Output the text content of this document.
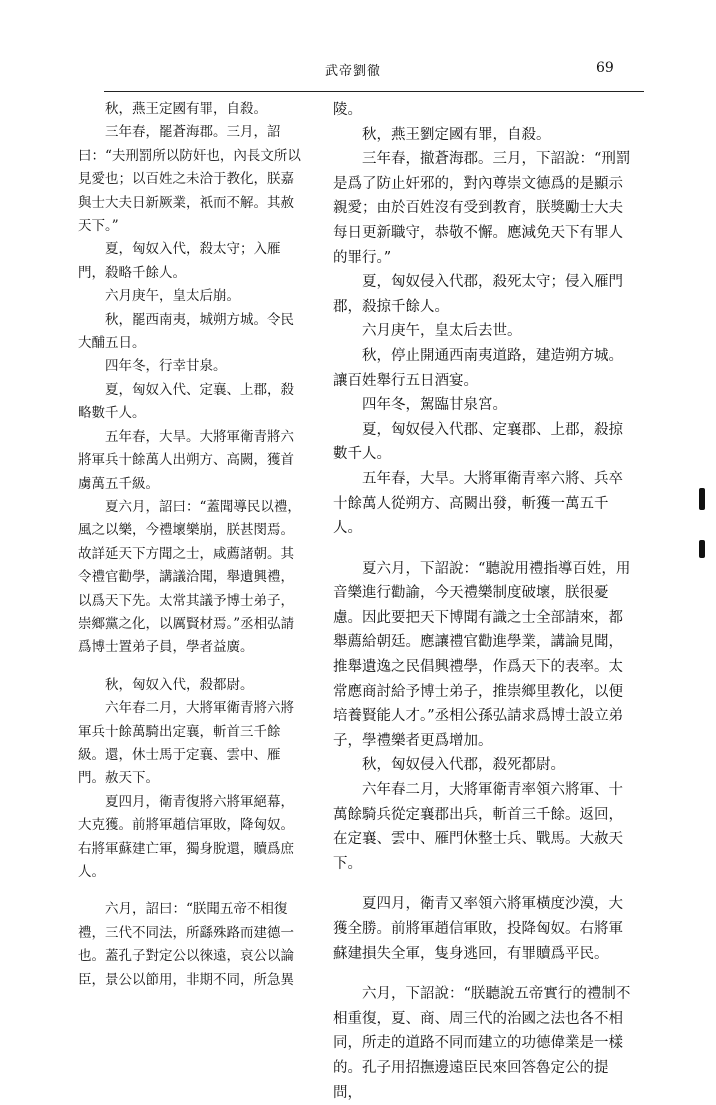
武帝劉徹	69

秋，燕王定國有罪，自殺。

三年春，罷蒼海郡。三月，詔曰：“夫刑罰所以防奸也，內長文所以見愛也；以百姓之未洽于教化，朕嘉與士大夫日新厥業，祇而不解。其赦天下。”

夏，匈奴入代，殺太守；入雁門，殺略千餘人。

六月庚午，皇太后崩。

秋，罷西南夷，城朔方城。令民大酺五日。

四年冬，行幸甘泉。

夏，匈奴入代、定襄、上郡，殺略數千人。

五年春，大旱。大將軍衛青將六將軍兵十餘萬人出朔方、高闕，獲首虜萬五千級。

夏六月，詔曰：“蓋聞導民以禮，風之以樂，今禮壞樂崩，朕甚閔焉。故詳延天下方聞之士，咸薦諸朝。其令禮官勸學，講議洽聞，舉遺興禮，以爲天下先。太常其議予博士弟子，崇鄉黨之化，以厲賢材焉。”丞相弘請爲博士置弟子員，學者益廣。

秋，匈奴入代，殺都尉。

六年春二月，大將軍衛青將六將軍兵十餘萬騎出定襄，斬首三千餘級。還，休士馬于定襄、雲中、雁門。赦天下。

夏四月，衛青復將六將軍絕幕，大克獲。前將軍趙信軍敗，降匈奴。右將軍蘇建亡軍，獨身脫還，贖爲庶人。

六月，詔曰：“朕聞五帝不相復禮，三代不同法，所繇殊路而建德一也。蓋孔子對定公以徠遠，哀公以論臣，景公以節用，非期不同，所急異

陵。

秋，燕王劉定國有罪，自殺。

三年春，撤蒼海郡。三月，下詔說：“刑罰是爲了防止奸邪的，對內尊崇文德爲的是顯示親愛；由於百姓沒有受到教育，朕獎勵士大夫每日更新職守，恭敬不懈。應減免天下有罪人的罪行。”

夏，匈奴侵入代郡，殺死太守；侵入雁門郡，殺掠千餘人。

六月庚午，皇太后去世。

秋，停止開通西南夷道路，建造朔方城。讓百姓舉行五日酒宴。

四年冬，駕臨甘泉宮。

夏，匈奴侵入代郡、定襄郡、上郡，殺掠數千人。

五年春，大旱。大將軍衛青率六將、兵卒十餘萬人從朔方、高闕出發，斬獲一萬五千人。

夏六月，下詔說：“聽說用禮指導百姓，用音樂進行勸諭，今天禮樂制度破壞，朕很憂慮。因此要把天下博聞有識之士全部請來，都舉薦給朝廷。應讓禮官勸進學業，講論見聞，推舉遺逸之民倡興禮學，作爲天下的表率。太常應商討給予博士弟子，推崇鄉里教化，以便培養賢能人才。”丞相公孫弘請求爲博士設立弟子，學禮樂者更爲增加。

秋，匈奴侵入代郡，殺死都尉。

六年春二月，大將軍衛青率領六將軍、十萬餘騎兵從定襄郡出兵，斬首三千餘。返回，在定襄、雲中、雁門休整士兵、戰馬。大赦天下。

夏四月，衛青又率領六將軍橫度沙漠，大獲全勝。前將軍趙信軍敗，投降匈奴。右將軍蘇建損失全軍，隻身逃回，有罪贖爲平民。

六月，下詔說：“朕聽說五帝實行的禮制不相重復，夏、商、周三代的治國之法也各不相同，所走的道路不同而建立的功德偉業是一樣的。孔子用招撫邊遠臣民來回答魯定公的提問，
